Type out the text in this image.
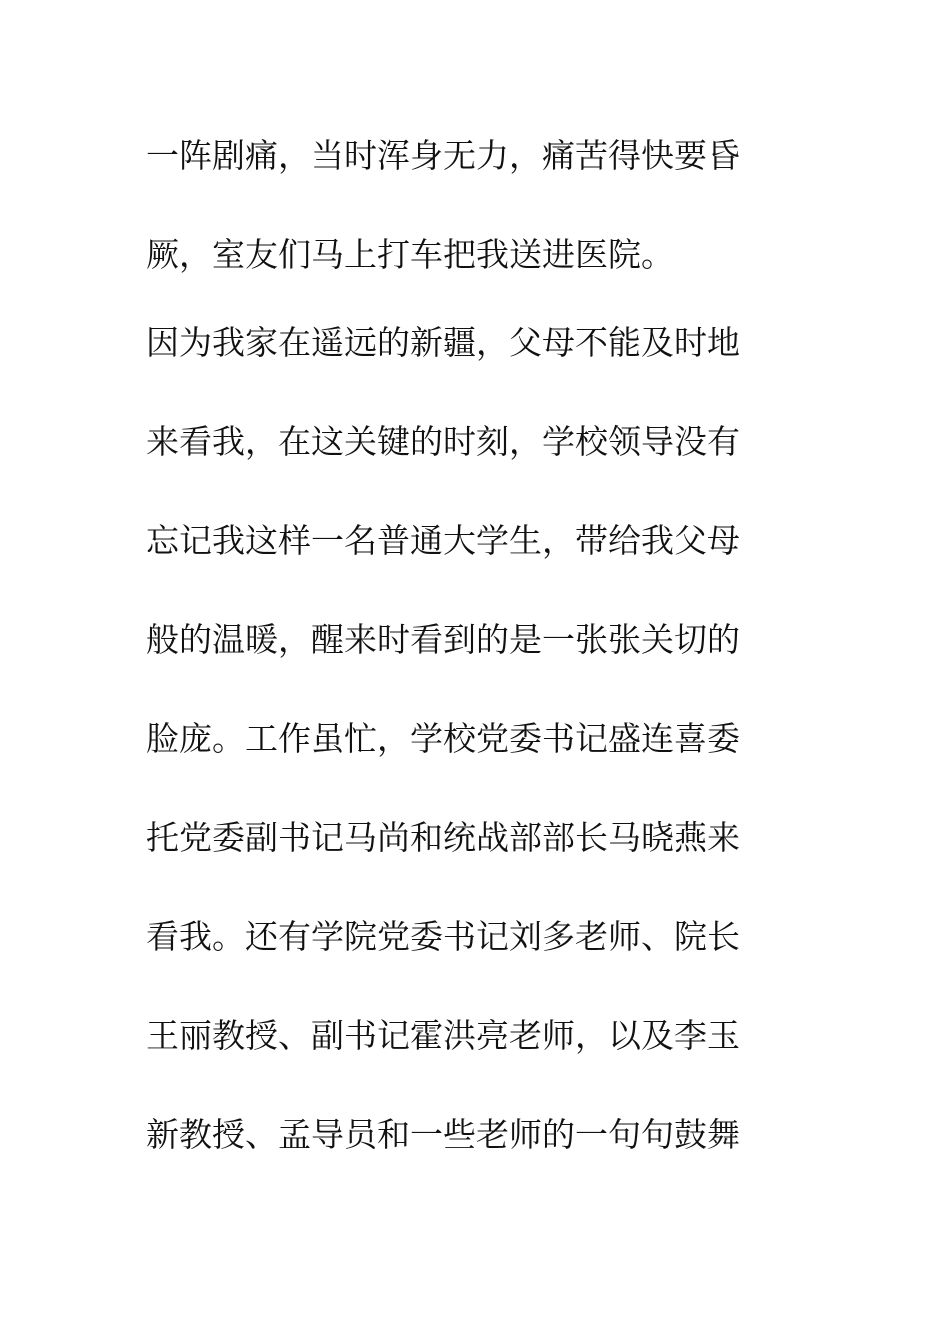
一阵剧痛，当时浑身无力，痛苦得快要昏
厥，室友们马上打车把我送进医院。
因为我家在遥远的新疆，父母不能及时地
来看我，在这关键的时刻，学校领导没有
忘记我这样一名普通大学生，带给我父母
般的温暖，醒来时看到的是一张张关切的
脸庞。工作虽忙，学校党委书记盛连喜委
托党委副书记马尚和统战部部长马晓燕来
看我。还有学院党委书记刘多老师、院长
王丽教授、副书记霍洪亮老师，以及李玉
新教授、孟导员和一些老师的一句句鼓舞
